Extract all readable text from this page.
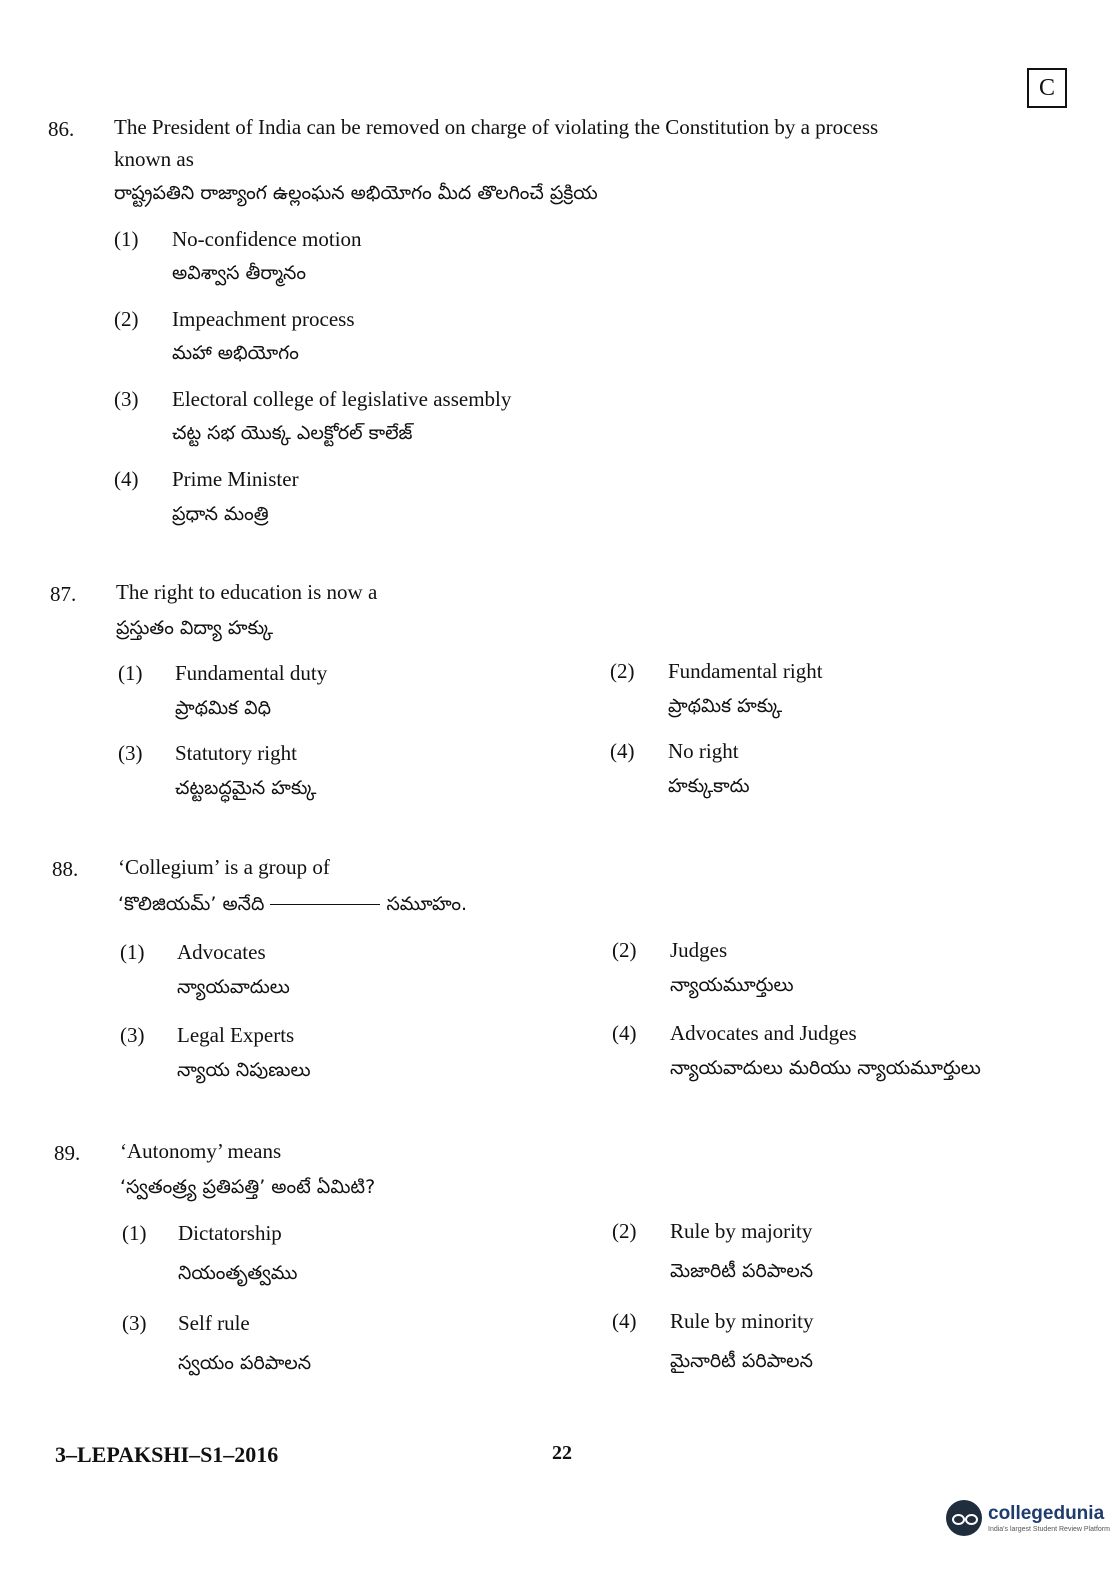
C
86. The President of India can be removed on charge of violating the Constitution by a process
known as
రాష్ట్రపతిని రాజ్యాంగ ఉల్లంఘన అభియోగం మీద తొలగించే ప్రక్రియ
(1) No-confidence motion
అవిశ్వాస తీర్మానం
(2) Impeachment process
మహా అభియోగం
(3) Electoral college of legislative assembly
చట్ట సభ యొక్క ఎలక్టోరల్ కాలేజ్
(4) Prime Minister
ప్రధాన మంత్రి
87. The right to education is now a
ప్రస్తుతం విద్యా హక్కు
(1) Fundamental duty
ప్రాథమిక విధి
(2) Fundamental right
ప్రాథమిక హక్కు
(3) Statutory right
చట్టబద్ధమైన హక్కు
(4) No right
హక్కుకాదు
88. ‘Collegium’ is a group of
‘కొలిజియమ్’ అనేది	సమూహం.
(1) Advocates
న్యాయవాదులు
(2) Judges
న్యాయమూర్తులు
(3) Legal Experts
న్యాయ నిపుణులు
(4) Advocates and Judges
న్యాయవాదులు మరియు న్యాయమూర్తులు
89. ‘Autonomy’ means
‘స్వతంత్ర్య ప్రతిపత్తి’ అంటే ఏమిటి?
(1) Dictatorship
నియంతృత్వము
(2) Rule by majority
మెజారిటీ పరిపాలన
(3) Self rule
స్వయం పరిపాలన
(4) Rule by minority
మైనారిటీ పరిపాలన
3–LEPAKSHI–S1–2016	22
collegedunia
India's largest Student Review Platform
